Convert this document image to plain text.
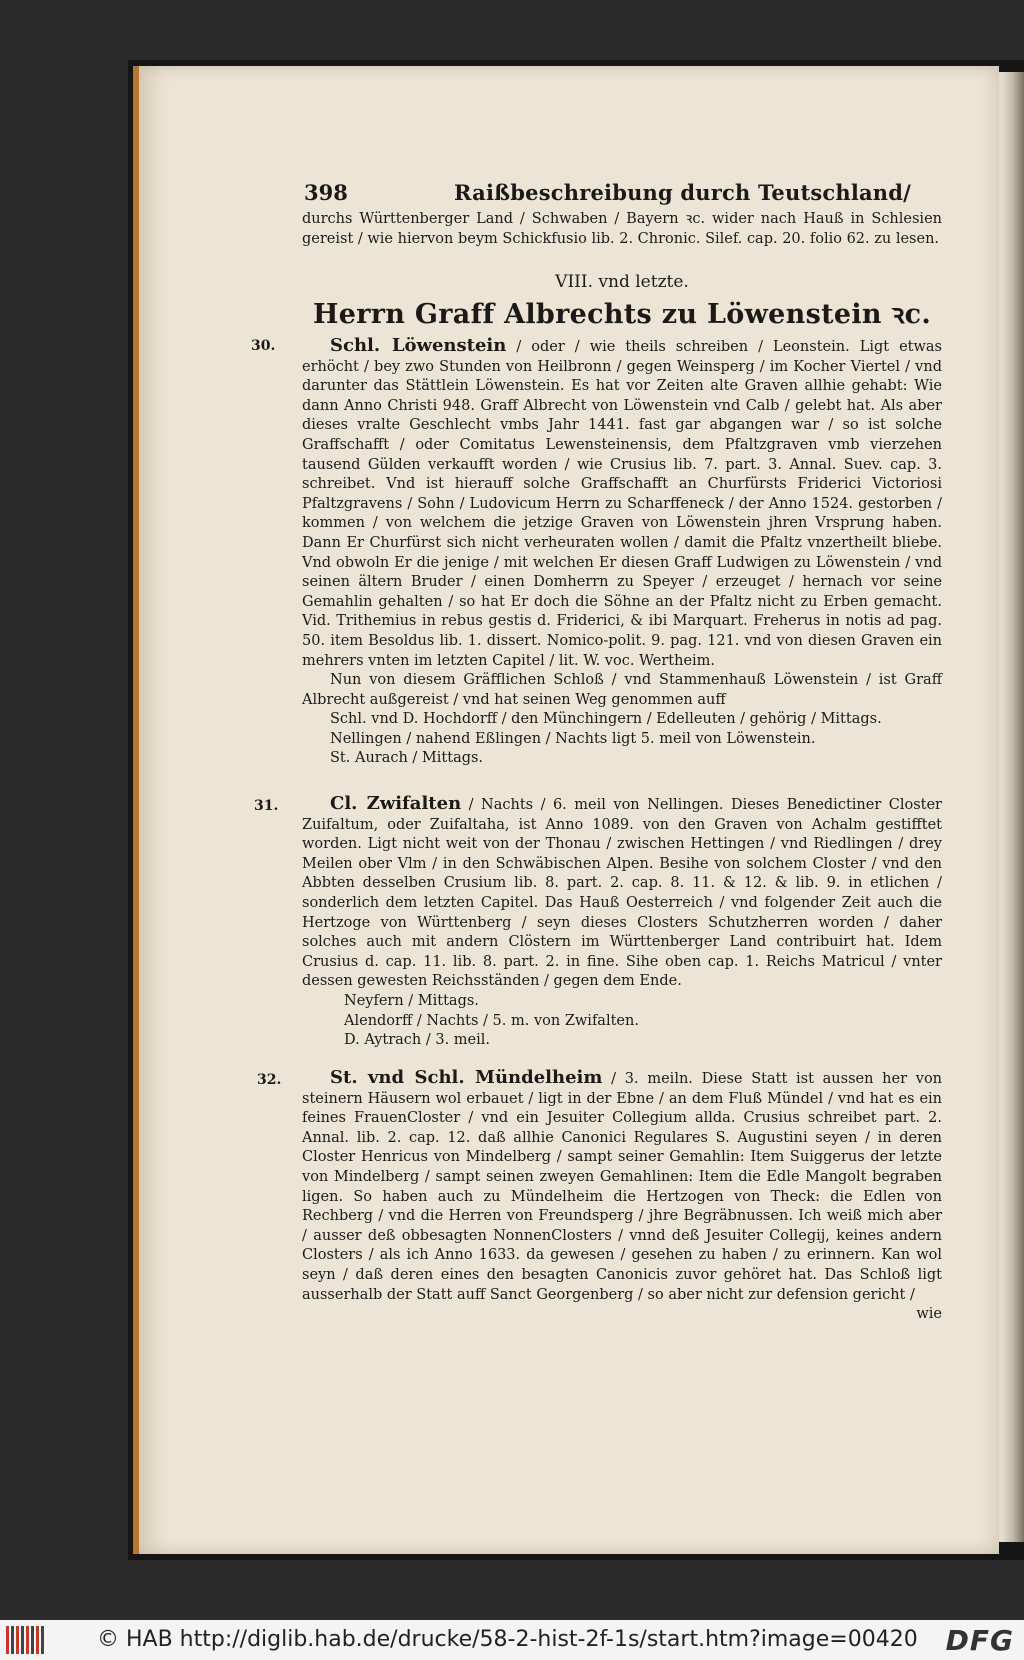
398	Raißbeschreibung durch Teutschland/

durchs Württenberger Land / Schwaben / Bayern ꝛc. wider nach Hauß in Schlesien gereist / wie hiervon beym Schickfusio lib. 2. Chronic. Silef. cap. 20. folio 62. zu lesen.

VIII. vnd letzte.
Herrn Graff Albrechts zu Löwenstein ꝛc.
30.	Schl. Löwenstein / oder / wie theils schreiben / Leonstein. Ligt etwas erhöcht / bey zwo Stunden von Heilbronn / gegen Weinsperg / im Kocher Viertel / vnd darunter das Stättlein Löwenstein. Es hat vor Zeiten alte Graven allhie gehabt: Wie dann Anno Christi 948. Graff Albrecht von Löwenstein vnd Calb / gelebt hat. Als aber dieses vralte Geschlecht vmbs Jahr 1441. fast gar abgangen war / so ist solche Graffschafft / oder Comitatus Lewensteinensis, dem Pfaltzgraven vmb vierzehen tausend Gülden verkaufft worden / wie Crusius lib. 7. part. 3. Annal. Suev. cap. 3. schreibet. Vnd ist hierauff solche Graffschafft an Churfürsts Friderici Victoriosi Pfaltzgravens / Sohn / Ludovicum Herrn zu Scharffeneck / der Anno 1524. gestorben / kommen / von welchem die jetzige Graven von Löwenstein jhren Vrsprung haben. Dann Er Churfürst sich nicht verheuraten wollen / damit die Pfaltz vnzertheilt bliebe. Vnd obwoln Er die jenige / mit welchen Er diesen Graff Ludwigen zu Löwenstein / vnd seinen ältern Bruder / einen Domherrn zu Speyer / erzeuget / hernach vor seine Gemahlin gehalten / so hat Er doch die Söhne an der Pfaltz nicht zu Erben gemacht. Vid. Trithemius in rebus gestis d. Friderici, & ibi Marquart. Freherus in notis ad pag. 50. item Besoldus lib. 1. dissert. Nomico-polit. 9. pag. 121. vnd von diesen Graven ein mehrers vnten im letzten Capitel / lit. W. voc. Wertheim.

Nun von diesem Gräfflichen Schloß / vnd Stammenhauß Löwenstein / ist Graff Albrecht außgereist / vnd hat seinen Weg genommen auff

Schl. vnd D. Hochdorff / den Münchingern / Edelleuten / gehörig / Mittags.

Nellingen / nahend Eßlingen / Nachts ligt 5. meil von Löwenstein.

St. Aurach / Mittags.

31.	Cl. Zwifalten / Nachts / 6. meil von Nellingen. Dieses Benedictiner Closter Zuifaltum, oder Zuifaltaha, ist Anno 1089. von den Graven von Achalm gestifftet worden. Ligt nicht weit von der Thonau / zwischen Hettingen / vnd Riedlingen / drey Meilen ober Vlm / in den Schwäbischen Alpen. Besihe von solchem Closter / vnd den Abbten desselben Crusium lib. 8. part. 2. cap. 8. 11. & 12. & lib. 9. in etlichen / sonderlich dem letzten Capitel. Das Hauß Oesterreich / vnd folgender Zeit auch die Hertzoge von Württenberg / seyn dieses Closters Schutzherren worden / daher solches auch mit andern Clöstern im Württenberger Land contribuirt hat. Idem Crusius d. cap. 11. lib. 8. part. 2. in fine. Sihe oben cap. 1. Reichs Matricul / vnter dessen gewesten Reichsständen / gegen dem Ende.

Neyfern / Mittags.

Alendorff / Nachts / 5. m. von Zwifalten.

D. Aytrach / 3. meil.

32.	St. vnd Schl. Mündelheim / 3. meiln. Diese Statt ist aussen her von steinern Häusern wol erbauet / ligt in der Ebne / an dem Fluß Mündel / vnd hat es ein feines FrauenCloster / vnd ein Jesuiter Collegium allda. Crusius schreibet part. 2. Annal. lib. 2. cap. 12. daß allhie Canonici Regulares S. Augustini seyen / in deren Closter Henricus von Mindelberg / sampt seiner Gemahlin: Item Suiggerus der letzte von Mindelberg / sampt seinen zweyen Gemahlinen: Item die Edle Mangolt begraben ligen. So haben auch zu Mündelheim die Hertzogen von Theck: die Edlen von Rechberg / vnd die Herren von Freundsperg / jhre Begräbnussen. Ich weiß mich aber / ausser deß obbesagten NonnenClosters / vnnd deß Jesuiter Collegij, keines andern Closters / als ich Anno 1633. da gewesen / gesehen zu haben / zu erinnern. Kan wol seyn / daß deren eines den besagten Canonicis zuvor gehöret hat. Das Schloß ligt ausserhalb der Statt auff Sanct Georgenberg / so aber nicht zur defension gericht /

wie

© HAB http://diglib.hab.de/drucke/58-2-hist-2f-1s/start.htm?image=00420 DFG
